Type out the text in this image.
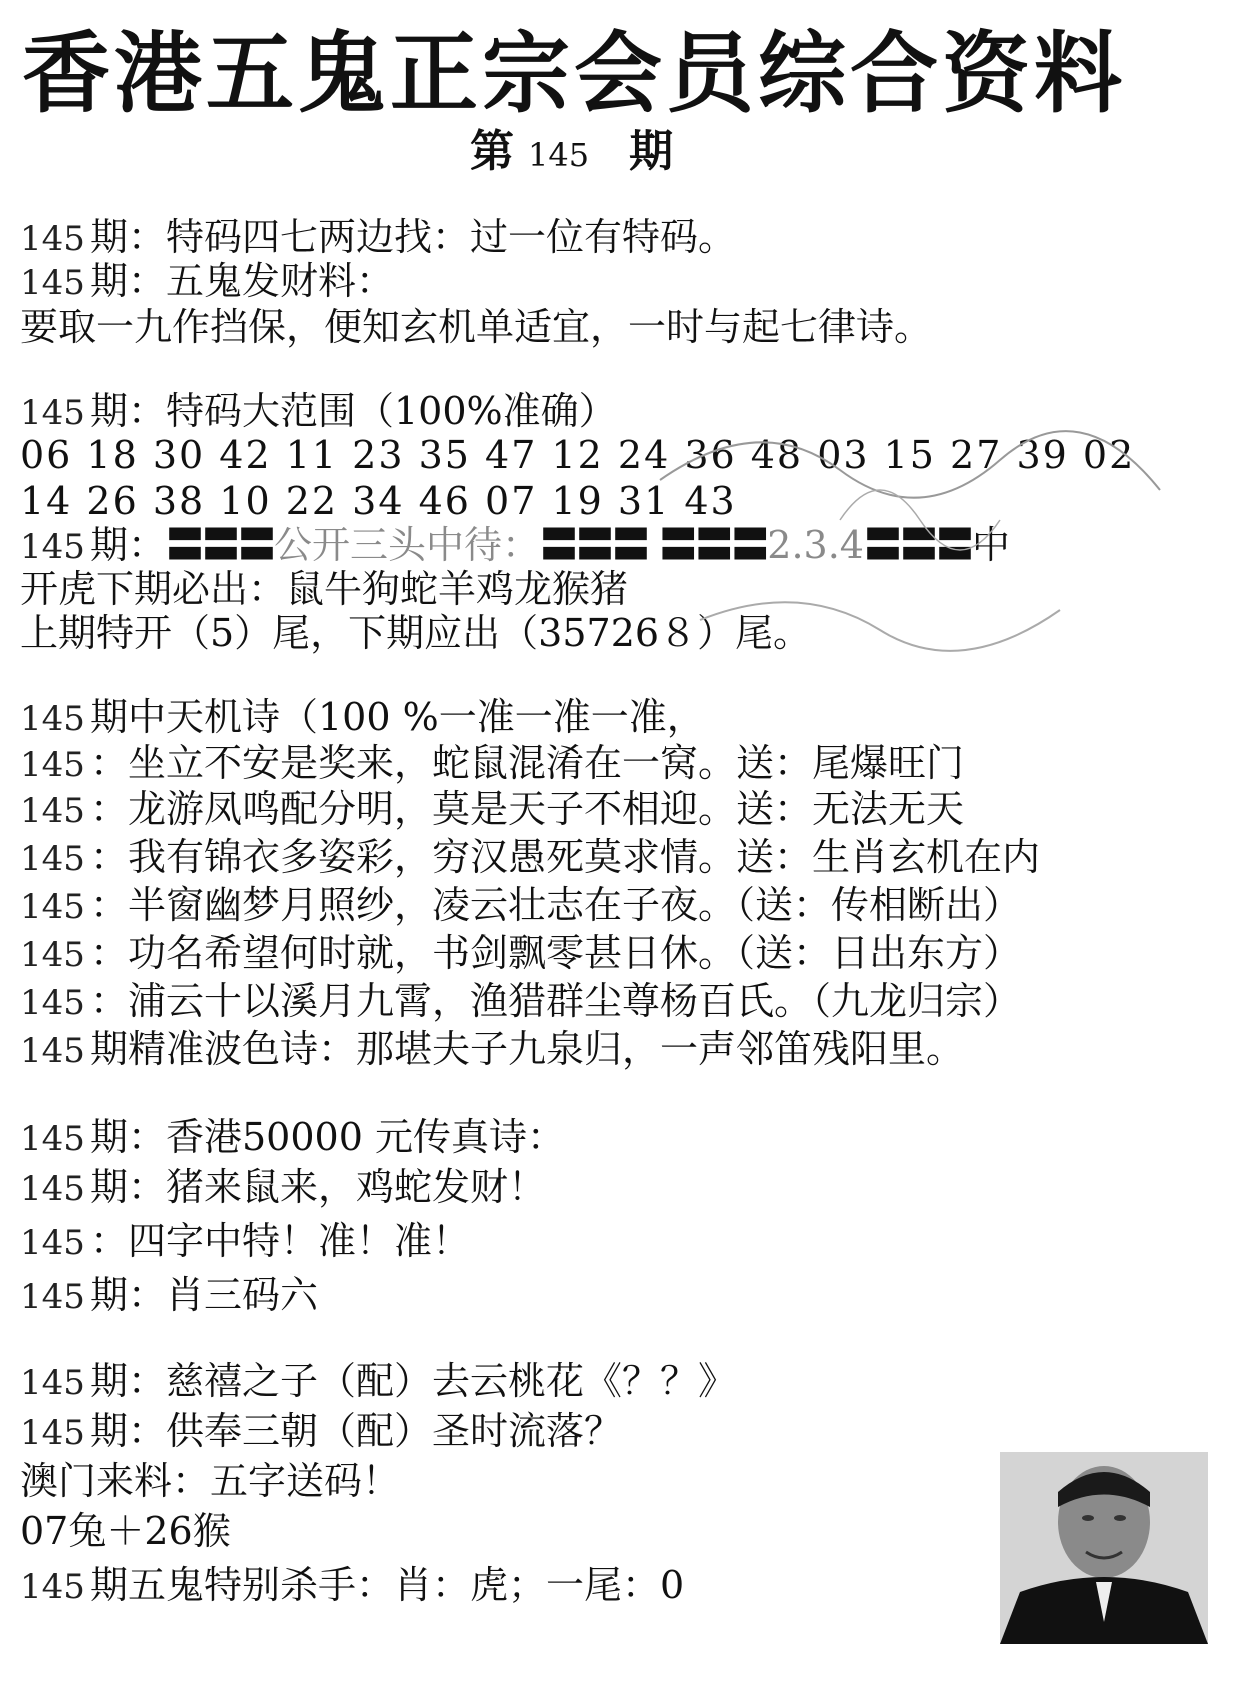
香港五鬼正宗会员综合资料
第 145 期
145 期：特码四七两边找：过一位有特码。
145 期：五鬼发财料：
要取一九作挡保，便知玄机单适宜，一时与起七律诗。
145 期：特码大范围（100%准确）
06 18 30 42 11 23 35 47 12 24 36 48 03 15 27 39 02
14 26 38 10 22 34 46 07 19 31 43
145 期：〓〓〓公开三头中待：〓〓〓 〓〓〓2.3.4〓〓〓中
开虎下期必出：鼠牛狗蛇羊鸡龙猴猪
上期特开（5）尾，下期应出（35726８）尾。
145 期中天机诗（100 %一准一准一准，
145 ：坐立不安是奖来，蛇鼠混淆在一窝。送：尾爆旺门
145 ：龙游凤鸣配分明，莫是天子不相迎。送：无法无天
145 ：我有锦衣多姿彩，穷汉愚死莫求情。送：生肖玄机在内
145 ：半窗幽梦月照纱，凌云壮志在子夜。（送：传相断出）
145 ：功名希望何时就，书剑飘零甚日休。（送：日出东方）
145 ：浦云十以溪月九霄，渔猎群尘尊杨百氏。（九龙归宗）
145 期精准波色诗：那堪夫子九泉归，一声邻笛残阳里。
145 期：香港50000 元传真诗：
145 期：猪来鼠来，鸡蛇发财！
145 ：四字中特！准！准！
145 期：肖三码六
145 期：慈禧之子（配）去云桃花《？？》
145 期：供奉三朝（配）圣时流落？
澳门来料：五字送码！
07兔＋26猴
145 期五鬼特别杀手：肖：虎；一尾：0
